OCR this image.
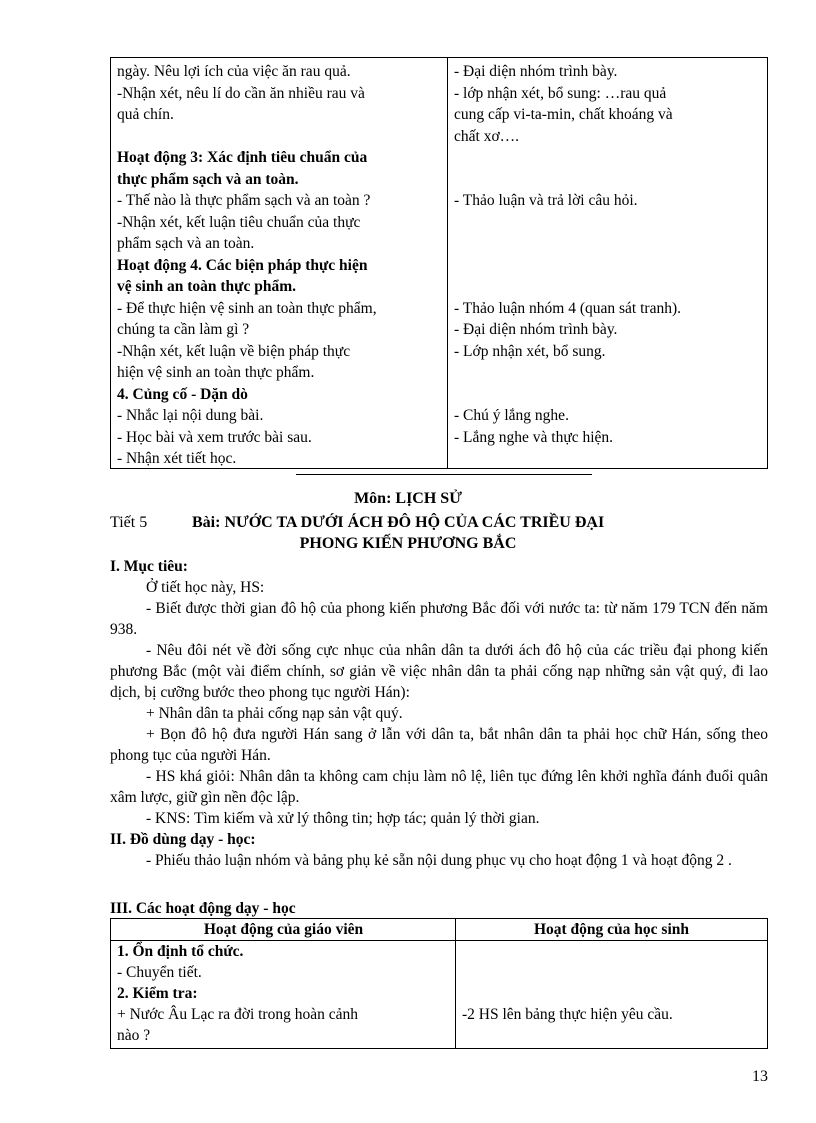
ngày. Nêu lợi ích của việc ăn rau quả.
-Nhận xét, nêu lí do cần ăn nhiều rau và
quả chín.
Hoạt động 3: Xác định tiêu chuẩn của
thực phẩm sạch và an toàn.
- Thế nào là thực phẩm sạch và an toàn ?
-Nhận xét, kết luận tiêu chuẩn của thực
phẩm sạch và an toàn.
Hoạt động 4. Các biện pháp thực hiện
vệ sinh an toàn thực phẩm.
- Để thực hiện vệ sinh an toàn thực phẩm,
chúng ta cần làm gì ?
-Nhận xét, kết luận về biện pháp thực
hiện vệ sinh an toàn thực phẩm.
4. Củng cố - Dặn dò
- Nhắc lại nội dung bài.
- Học bài và xem trước bài sau.
- Nhận xét tiết học.
- Đại diện nhóm trình bày.
- lớp nhận xét, bổ sung: …rau quả
cung cấp vi-ta-min, chất khoáng và
chất xơ….
- Thảo luận và trả lời câu hỏi.
- Thảo luận nhóm 4 (quan sát tranh).
- Đại diện nhóm trình bày.
- Lớp nhận xét, bổ sung.
- Chú ý lắng nghe.
- Lắng nghe và thực hiện.
Môn: LỊCH SỬ
Tiết 5	Bài: NƯỚC TA DƯỚI ÁCH ĐÔ HỘ CỦA CÁC TRIỀU ĐẠI
PHONG KIẾN PHƯƠNG BẮC
I. Mục tiêu:
Ở tiết học này, HS:
- Biết được thời gian đô hộ của phong kiến phương Bắc đối với nước ta: từ năm 179 TCN đến năm 938.
- Nêu đôi nét về đời sống cực nhục của nhân dân ta dưới ách đô hộ của các triều đại phong kiến phương Bắc (một vài điểm chính, sơ giản về việc nhân dân ta phải cống nạp những sản vật quý, đi lao dịch, bị cưỡng bước theo phong tục người Hán):
+ Nhân dân ta phải cống nạp sản vật quý.
+ Bọn đô hộ đưa người Hán sang ở lẫn với dân ta, bắt nhân dân ta phải học chữ Hán, sống theo phong tục của người Hán.
- HS khá giỏi: Nhân dân ta không cam chịu làm nô lệ, liên tục đứng lên khởi nghĩa đánh đuổi quân xâm lược, giữ gìn nền độc lập.
- KNS: Tìm kiếm và xử lý thông tin; hợp tác; quản lý thời gian.
II. Đồ dùng dạy - học:
- Phiếu thảo luận nhóm và bảng phụ kẻ sẵn nội dung phục vụ cho hoạt động 1 và hoạt động 2 .
III. Các hoạt động dạy - học
Hoạt động của giáo viên	Hoạt động của học sinh
1. Ổn định tổ chức.
- Chuyển tiết.
2. Kiểm tra:
+ Nước Âu Lạc ra đời trong hoàn cảnh
nào ?
-2 HS lên bảng thực hiện yêu cầu.
13
